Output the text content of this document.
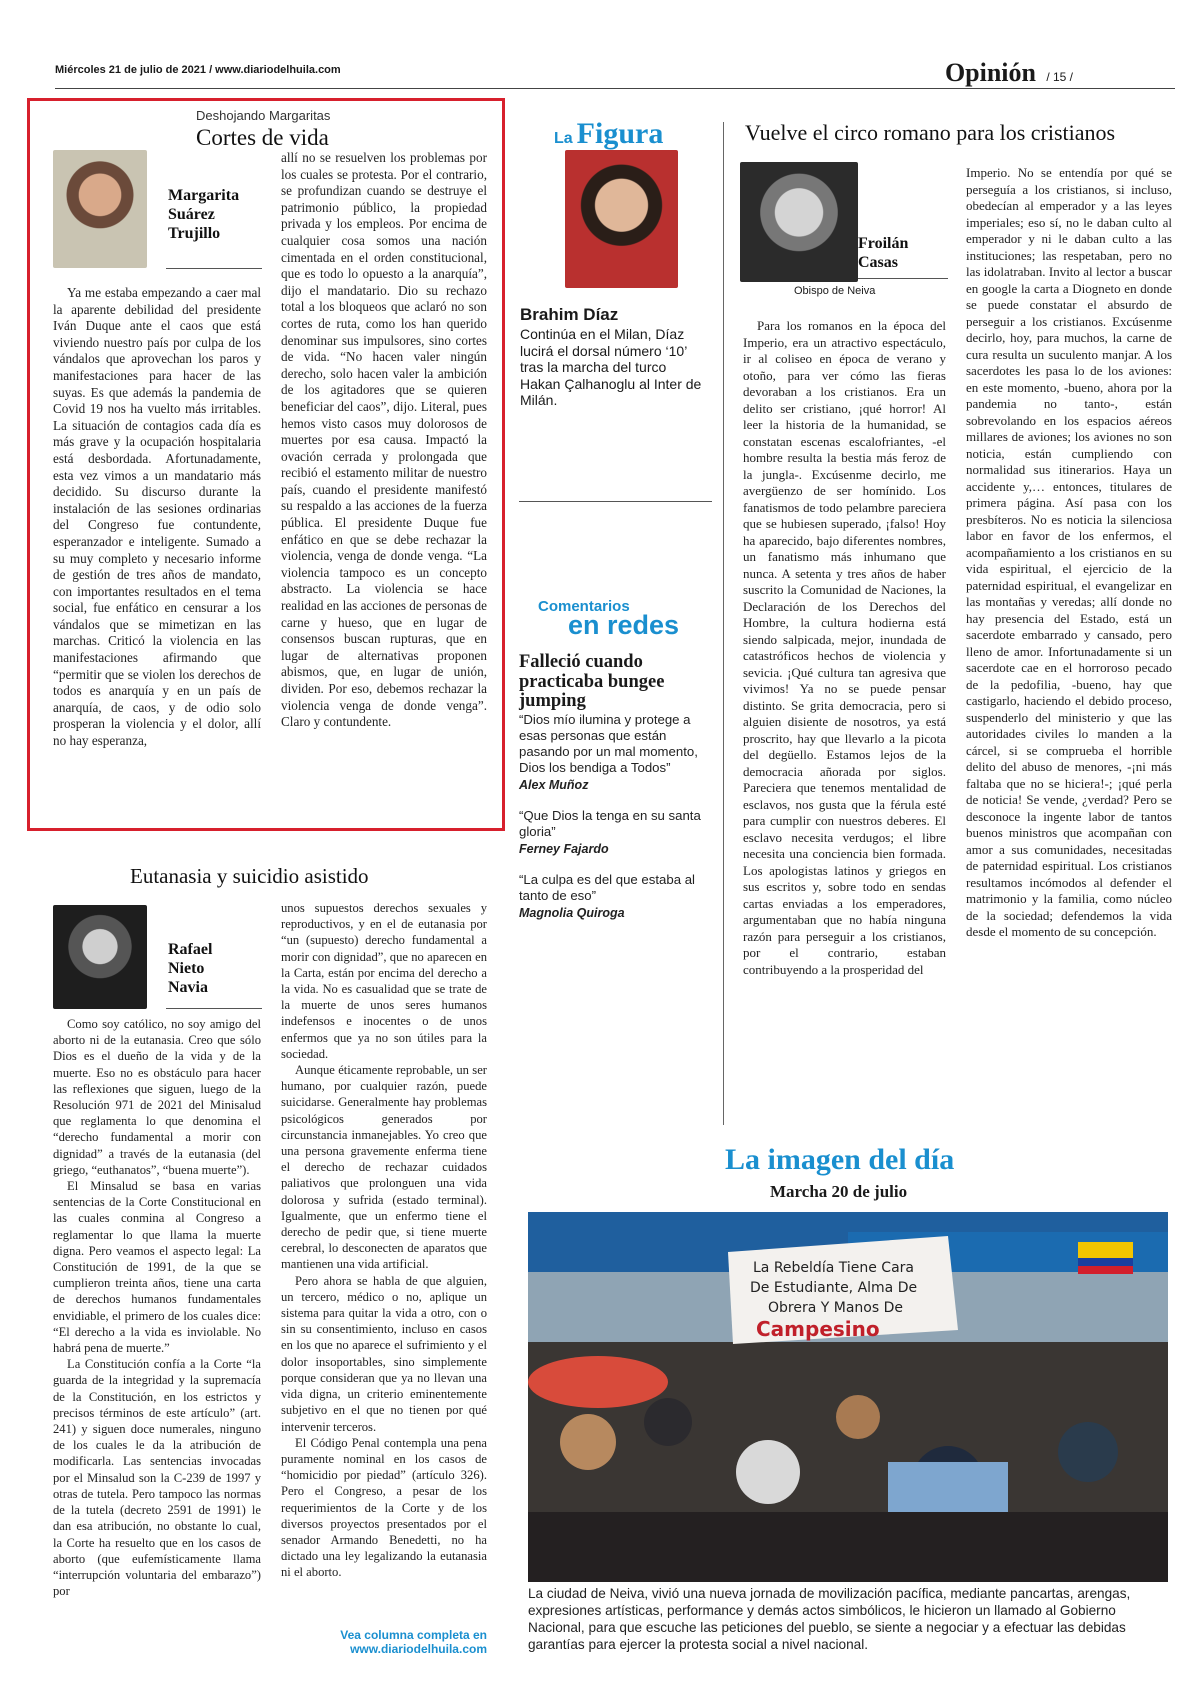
Miércoles 21 de julio de 2021 / www.diariodelhuila.com	Opinión / 15 /
Deshojando Margaritas
Cortes de vida
Margarita
Suárez
Trujillo

Ya me estaba empezando a caer mal la aparente debilidad del presidente Iván Duque ante el caos que está viviendo nuestro país por culpa de los vándalos que aprovechan los paros y manifestaciones para hacer de las suyas. Es que además la pandemia de Covid 19 nos ha vuelto más irritables. La situación de contagios cada día es más grave y la ocupación hospitalaria está desbordada. Afortunadamente, esta vez vimos a un mandatario más decidido. Su discurso durante la instalación de las sesiones ordinarias del Congreso fue contundente, esperanzador e inteligente. Sumado a su muy completo y necesario informe de gestión de tres años de mandato, con importantes resultados en el tema social, fue enfático en censurar a los vándalos que se mimetizan en las marchas. Criticó la violencia en las manifestaciones afirmando que “permitir que se violen los derechos de todos es anarquía y en un país de anarquía, de caos, y de odio solo prosperan la violencia y el dolor, allí no hay esperanza,

allí no se resuelven los problemas por los cuales se protesta. Por el contrario, se profundizan cuando se destruye el patrimonio público, la propiedad privada y los empleos. Por encima de cualquier cosa somos una nación cimentada en el orden constitucional, que es todo lo opuesto a la anarquía”, dijo el mandatario. Dio su rechazo total a los bloqueos que aclaró no son cortes de ruta, como los han querido denominar sus impulsores, sino cortes de vida. “No hacen valer ningún derecho, solo hacen valer la ambición de los agitadores que se quieren beneficiar del caos”, dijo. Literal, pues hemos visto casos muy dolorosos de muertes por esa causa. Impactó la ovación cerrada y prolongada que recibió el estamento militar de nuestro país, cuando el presidente manifestó su respaldo a las acciones de la fuerza pública. El presidente Duque fue enfático en que se debe rechazar la violencia, venga de donde venga. “La violencia tampoco es un concepto abstracto. La violencia se hace realidad en las acciones de personas de carne y hueso, que en lugar de consensos buscan rupturas, que en lugar de alternativas proponen abismos, que, en lugar de unión, dividen. Por eso, debemos rechazar la violencia venga de donde venga”. Claro y contundente.

Eutanasia y suicidio asistido
Rafael
Nieto
Navia

Como soy católico, no soy amigo del aborto ni de la eutanasia. Creo que sólo Dios es el dueño de la vida y de la muerte. Eso no es obstáculo para hacer las reflexiones que siguen, luego de la Resolución 971 de 2021 del Minisalud que reglamenta lo que denomina el “derecho fundamental a morir con dignidad” a través de la eutanasia (del griego, “euthanatos”, “buena muerte”).

El Minsalud se basa en varias sentencias de la Corte Constitucional en las cuales conmina al Congreso a reglamentar lo que llama la muerte digna. Pero veamos el aspecto legal: La Constitución de 1991, de la que se cumplieron treinta años, tiene una carta de derechos humanos fundamentales envidiable, el primero de los cuales dice: “El derecho a la vida es inviolable. No habrá pena de muerte.”

La Constitución confía a la Corte “la guarda de la integridad y la supremacía de la Constitución, en los estrictos y precisos términos de este artículo” (art. 241) y siguen doce numerales, ninguno de los cuales le da la atribución de modificarla. Las sentencias invocadas por el Minsalud son la C-239 de 1997 y otras de tutela. Pero tampoco las normas de la tutela (decreto 2591 de 1991) le dan esa atribución, no obstante lo cual, la Corte ha resuelto que en los casos de aborto (que eufemísticamente llama “interrupción voluntaria del embarazo”) por

unos supuestos derechos sexuales y reproductivos, y en el de eutanasia por “un (supuesto) derecho fundamental a morir con dignidad”, que no aparecen en la Carta, están por encima del derecho a la vida. No es casualidad que se trate de la muerte de unos seres humanos indefensos e inocentes o de unos enfermos que ya no son útiles para la sociedad.

Aunque éticamente reprobable, un ser humano, por cualquier razón, puede suicidarse. Generalmente hay problemas psicológicos generados por circunstancia inmanejables. Yo creo que una persona gravemente enferma tiene el derecho de rechazar cuidados paliativos que prolonguen una vida dolorosa y sufrida (estado terminal). Igualmente, que un enfermo tiene el derecho de pedir que, si tiene muerte cerebral, lo desconecten de aparatos que mantienen una vida artificial.

Pero ahora se habla de que alguien, un tercero, médico o no, aplique un sistema para quitar la vida a otro, con o sin su consentimiento, incluso en casos en los que no aparece el sufrimiento y el dolor insoportables, sino simplemente porque consideran que ya no llevan una vida digna, un criterio eminentemente subjetivo en el que no tienen por qué intervenir terceros.

El Código Penal contempla una pena puramente nominal en los casos de “homicidio por piedad” (artículo 326). Pero el Congreso, a pesar de los requerimientos de la Corte y de los diversos proyectos presentados por el senador Armando Benedetti, no ha dictado una ley legalizando la eutanasia ni el aborto.

Vea columna completa en
www.diariodelhuila.com
La Figura
Brahim Díaz
Continúa en el Milan, Díaz lucirá el dorsal número ‘10’ tras la marcha del turco Hakan Çalhanoglu al Inter de Milán.
Comentarios
en redes
Falleció cuando practicaba bungee jumping
“Dios mío ilumina y protege a esas personas que están pasando por un mal momento, Dios los bendiga a Todos”
Alex Muñoz
“Que Dios la tenga en su santa gloria”
Ferney Fajardo
“La culpa es del que estaba al tanto de eso”
Magnolia Quiroga
Vuelve el circo romano para los cristianos
Froilán
Casas
Obispo de Neiva

Para los romanos en la época del Imperio, era un atractivo espectáculo, ir al coliseo en época de verano y otoño, para ver cómo las fieras devoraban a los cristianos. Era un delito ser cristiano, ¡qué horror! Al leer la historia de la humanidad, se constatan escenas escalofriantes, -el hombre resulta la bestia más feroz de la jungla-. Excúsenme decirlo, me avergüenzo de ser homínido. Los fanatismos de todo pelambre pareciera que se hubiesen superado, ¡falso! Hoy ha aparecido, bajo diferentes nombres, un fanatismo más inhumano que nunca. A setenta y tres años de haber suscrito la Comunidad de Naciones, la Declaración de los Derechos del Hombre, la cultura hodierna está siendo salpicada, mejor, inundada de catastróficos hechos de violencia y sevicia. ¡Qué cultura tan agresiva que vivimos! Ya no se puede pensar distinto. Se grita democracia, pero si alguien disiente de nosotros, ya está proscrito, hay que llevarlo a la picota del degüello. Estamos lejos de la democracia añorada por siglos. Pareciera que tenemos mentalidad de esclavos, nos gusta que la férula esté para cumplir con nuestros deberes. El esclavo necesita verdugos; el libre necesita una conciencia bien formada. Los apologistas latinos y griegos en sus escritos y, sobre todo en sendas cartas enviadas a los emperadores, argumentaban que no había ninguna razón para perseguir a los cristianos, por el contrario, estaban contribuyendo a la prosperidad del

Imperio. No se entendía por qué se perseguía a los cristianos, si incluso, obedecían al emperador y a las leyes imperiales; eso sí, no le daban culto al emperador y ni le daban culto a las instituciones; las respetaban, pero no las idolatraban. Invito al lector a buscar en google la carta a Diogneto en donde se puede constatar el absurdo de perseguir a los cristianos. Excúsenme decirlo, hoy, para muchos, la carne de cura resulta un suculento manjar. A los sacerdotes les pasa lo de los aviones: en este momento, -bueno, ahora por la pandemia no tanto-, están sobrevolando en los espacios aéreos millares de aviones; los aviones no son noticia, están cumpliendo con normalidad sus itinerarios. Haya un accidente y,… entonces, titulares de primera página. Así pasa con los presbíteros. No es noticia la silenciosa labor en favor de los enfermos, el acompañamiento a los cristianos en su vida espiritual, el ejercicio de la paternidad espiritual, el evangelizar en las montañas y veredas; allí donde no hay presencia del Estado, está un sacerdote embarrado y cansado, pero lleno de amor. Infortunadamente si un sacerdote cae en el horroroso pecado de la pedofilia, -bueno, hay que castigarlo, haciendo el debido proceso, suspenderlo del ministerio y que las autoridades civiles lo manden a la cárcel, si se comprueba el horrible delito del abuso de menores, -¡ni más faltaba que no se hiciera!-; ¡qué perla de noticia! Se vende, ¿verdad? Pero se desconoce la ingente labor de tantos buenos ministros que acompañan con amor a sus comunidades, necesitadas de paternidad espiritual. Los cristianos resultamos incómodos al defender el matrimonio y la familia, como núcleo de la sociedad; defendemos la vida desde el momento de su concepción.

La imagen del día
Marcha 20 de julio
La Rebeldía Tiene Cara
De Estudiante, Alma De
Obrera Y Manos De
Campesino
La ciudad de Neiva, vivió una nueva jornada de movilización pacífica, mediante pancartas, arengas, expresiones artísticas, performance y demás actos simbólicos, le hicieron un llamado al Gobierno Nacional, para que escuche las peticiones del pueblo, se siente a negociar y a efectuar las debidas garantías para ejercer la protesta social a nivel nacional.
